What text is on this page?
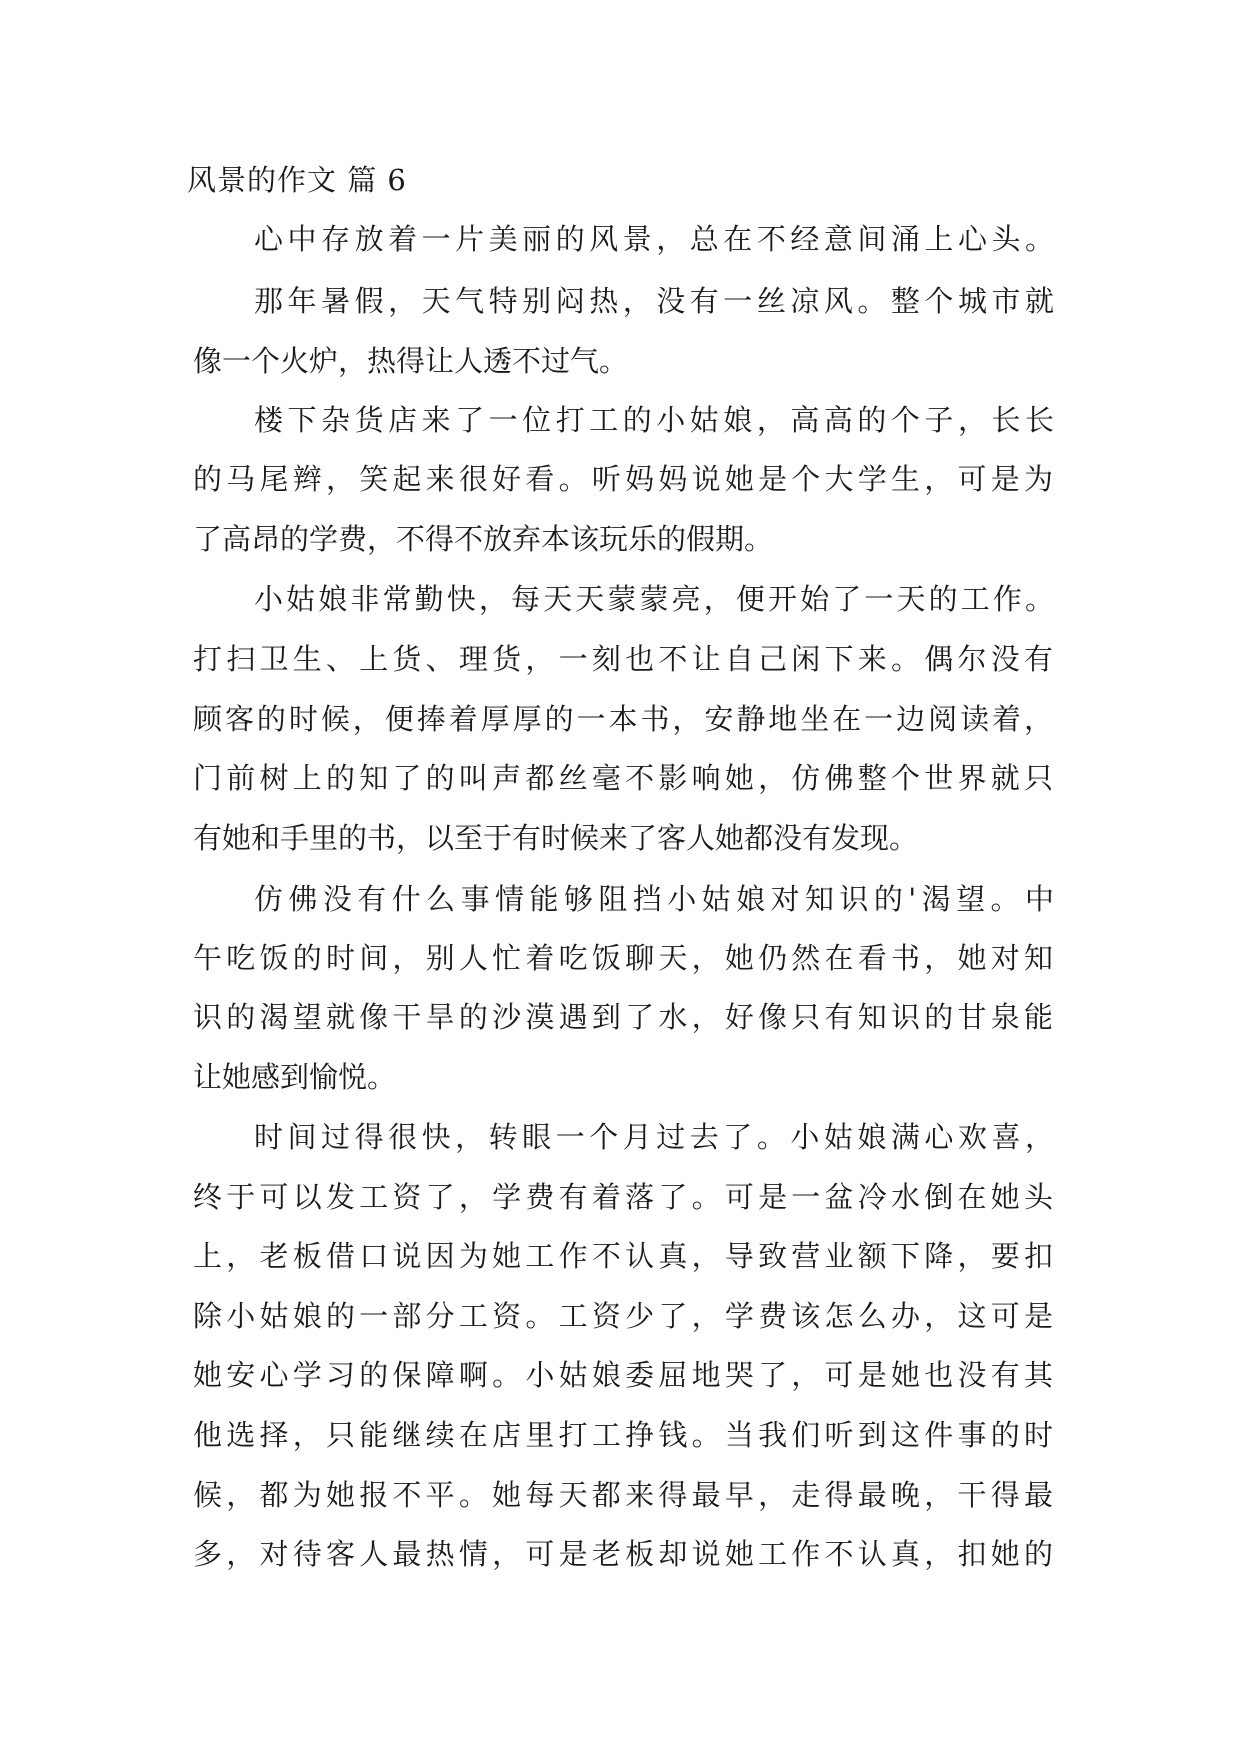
风景的作文 篇 6
心中存放着一片美丽的风景，总在不经意间涌上心头。
那年暑假，天气特别闷热，没有一丝凉风。整个城市就
像一个火炉，热得让人透不过气。
楼下杂货店来了一位打工的小姑娘，高高的个子，长长
的马尾辫，笑起来很好看。听妈妈说她是个大学生，可是为
了高昂的学费，不得不放弃本该玩乐的假期。
小姑娘非常勤快，每天天蒙蒙亮，便开始了一天的工作。
打扫卫生、上货、理货，一刻也不让自己闲下来。偶尔没有
顾客的时候，便捧着厚厚的一本书，安静地坐在一边阅读着，
门前树上的知了的叫声都丝毫不影响她，仿佛整个世界就只
有她和手里的书，以至于有时候来了客人她都没有发现。
仿佛没有什么事情能够阻挡小姑娘对知识的'渴望。中
午吃饭的时间，别人忙着吃饭聊天，她仍然在看书，她对知
识的渴望就像干旱的沙漠遇到了水，好像只有知识的甘泉能
让她感到愉悦。
时间过得很快，转眼一个月过去了。小姑娘满心欢喜，
终于可以发工资了，学费有着落了。可是一盆冷水倒在她头
上，老板借口说因为她工作不认真，导致营业额下降，要扣
除小姑娘的一部分工资。工资少了，学费该怎么办，这可是
她安心学习的保障啊。小姑娘委屈地哭了，可是她也没有其
他选择，只能继续在店里打工挣钱。当我们听到这件事的时
候，都为她报不平。她每天都来得最早，走得最晚，干得最
多，对待客人最热情，可是老板却说她工作不认真，扣她的
